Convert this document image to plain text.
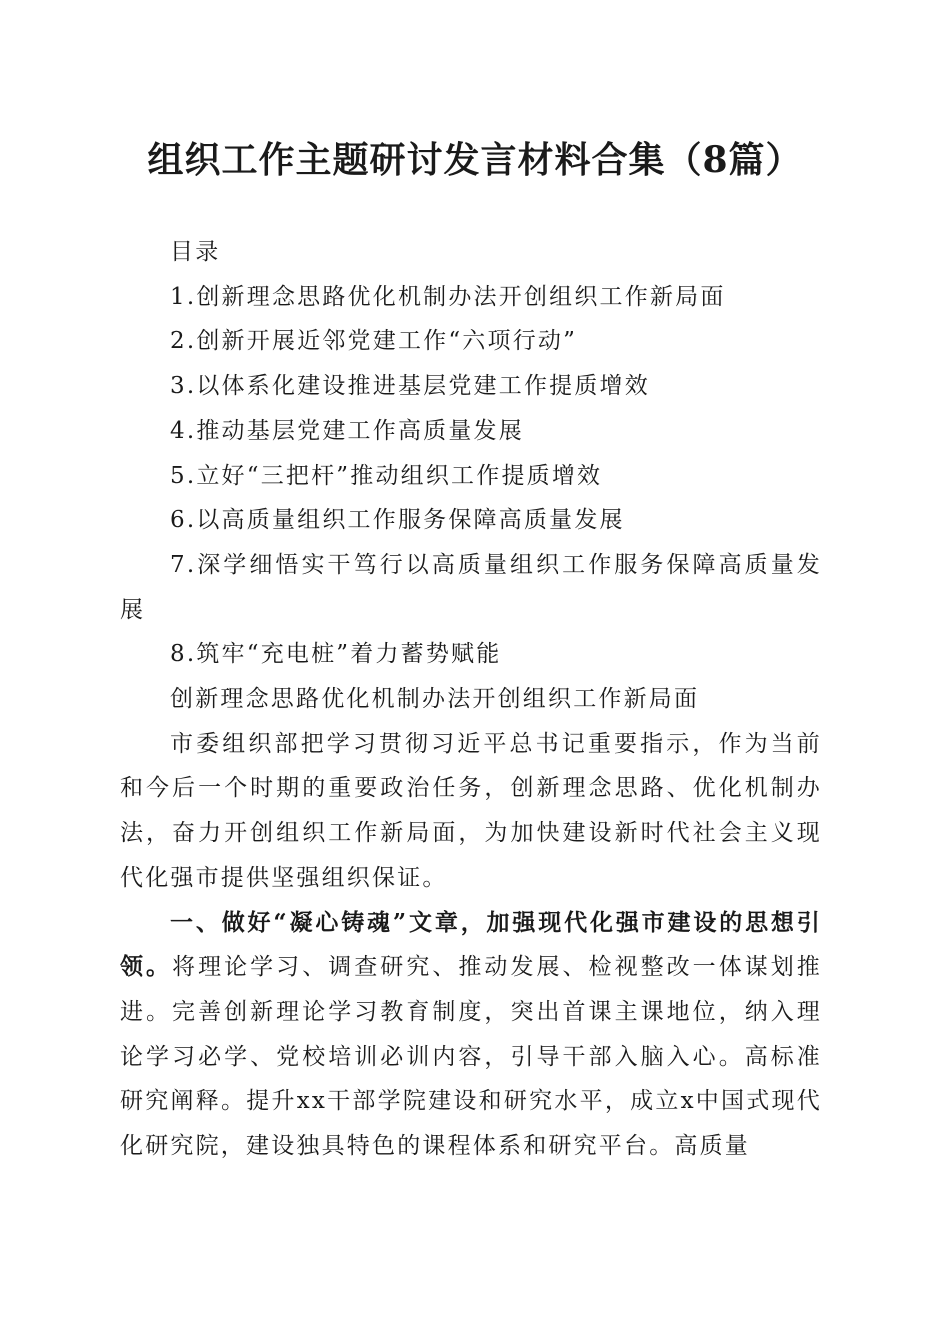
组织工作主题研讨发言材料合集（8篇）

目录

1.创新理念思路优化机制办法开创组织工作新局面

2.创新开展近邻党建工作“六项行动”

3.以体系化建设推进基层党建工作提质增效

4.推动基层党建工作高质量发展

5.立好“三把杆”推动组织工作提质增效

6.以高质量组织工作服务保障高质量发展

7.深学细悟实干笃行以高质量组织工作服务保障高质量发展

8.筑牢“充电桩”着力蓄势赋能

创新理念思路优化机制办法开创组织工作新局面

市委组织部把学习贯彻习近平总书记重要指示，作为当前和今后一个时期的重要政治任务，创新理念思路、优化机制办法，奋力开创组织工作新局面，为加快建设新时代社会主义现代化强市提供坚强组织保证。

一、做好“凝心铸魂”文章，加强现代化强市建设的思想引领。将理论学习、调查研究、推动发展、检视整改一体谋划推进。完善创新理论学习教育制度，突出首课主课地位，纳入理论学习必学、党校培训必训内容，引导干部入脑入心。高标准研究阐释。提升xx干部学院建设和研究水平，成立x中国式现代化研究院，建设独具特色的课程体系和研究平台。高质量
